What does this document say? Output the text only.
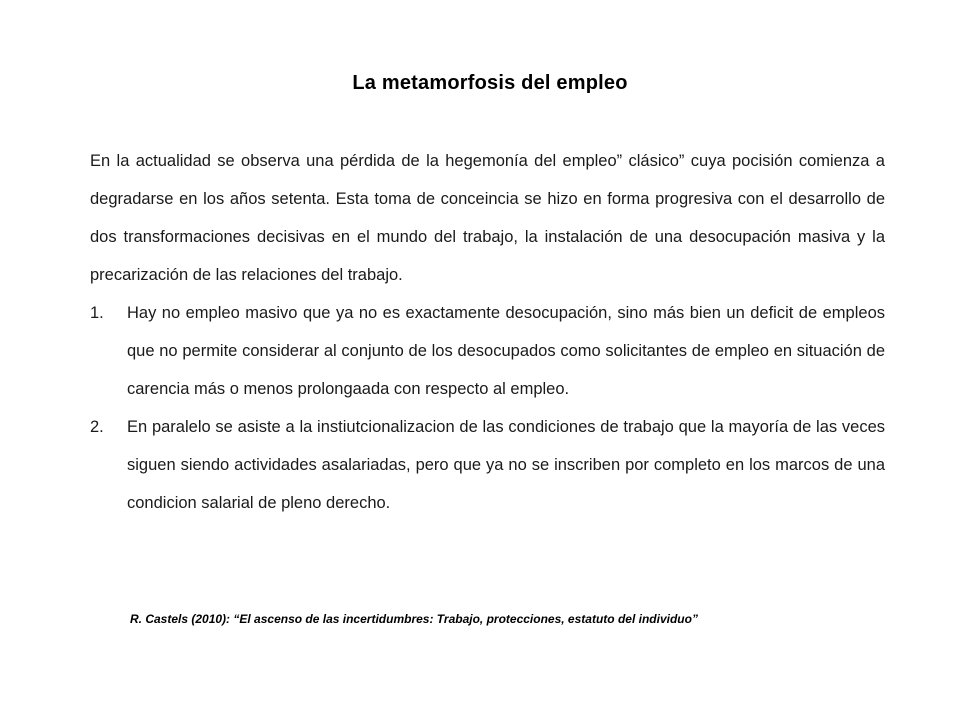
La metamorfosis del empleo

En la actualidad se observa una pérdida de la hegemonía del empleo” clásico” cuya pocisión comienza a degradarse en los años setenta. Esta toma de conceincia se hizo en forma progresiva con el desarrollo de dos transformaciones decisivas en el mundo del trabajo, la instalación de una desocupación masiva y la precarización de las relaciones del trabajo.

1. Hay no empleo masivo que ya no es exactamente desocupación, sino más bien un deficit de empleos que no permite considerar al conjunto de los desocupados como solicitantes de empleo en situación de carencia más o menos prolongaada con respecto al empleo.
2. En paralelo se asiste a la instiutcionalizacion de las condiciones de trabajo que la mayoría de las veces siguen siendo actividades asalariadas, pero que ya no se inscriben por completo en los marcos de una condicion salarial de pleno derecho.
R. Castels (2010): “El ascenso de las incertidumbres: Trabajo, protecciones, estatuto del individuo”
